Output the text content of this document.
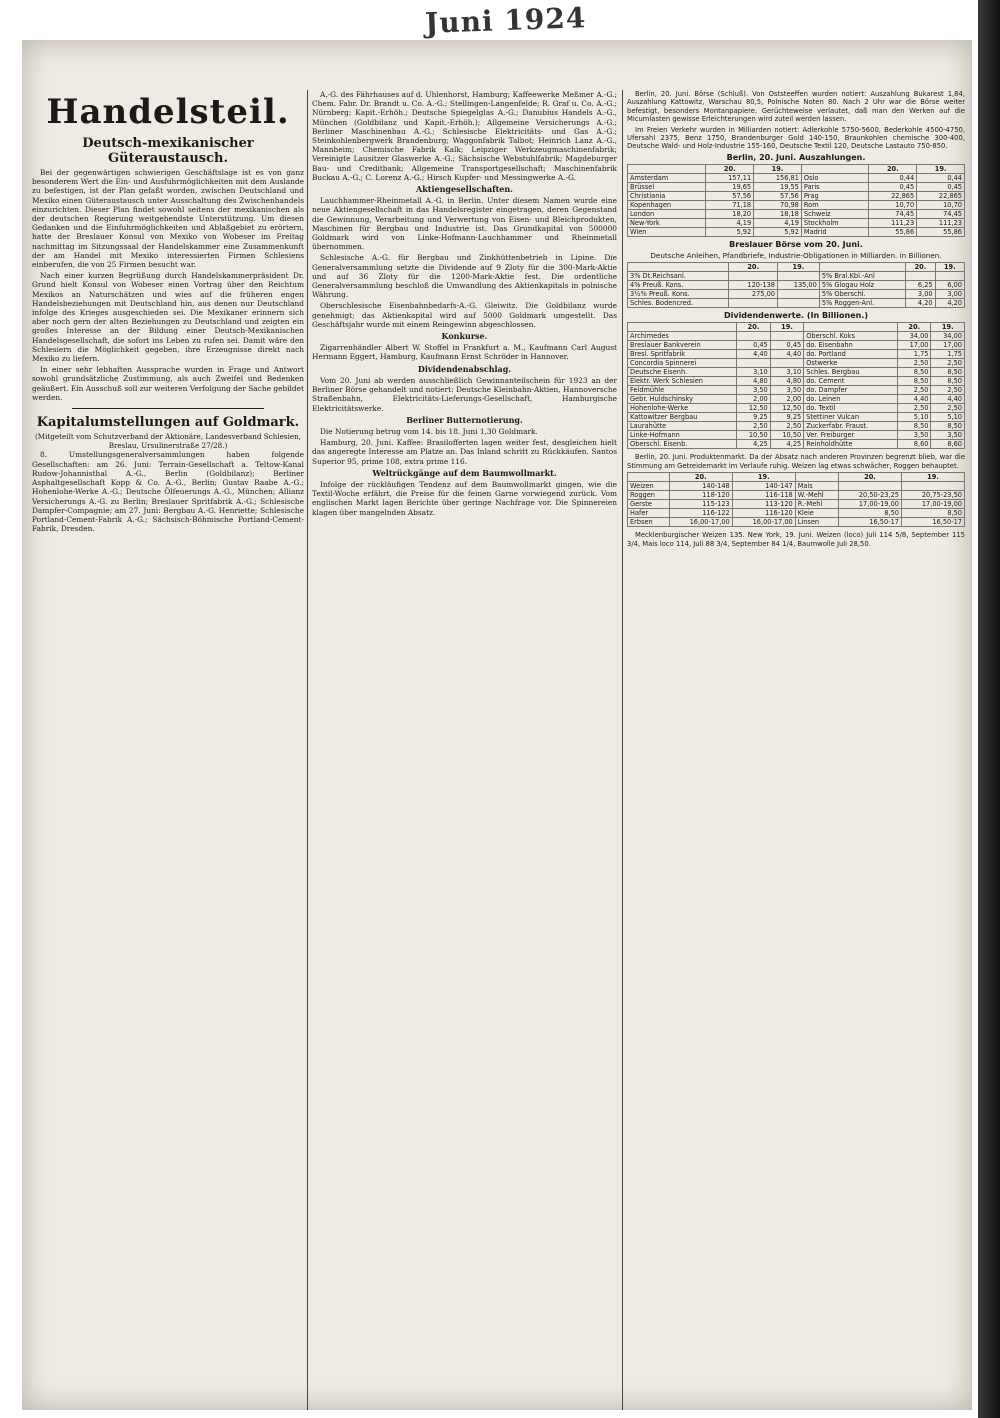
Handelsteil.
Deutsch-mexikanischer Güteraustausch.

Bei der gegenwärtigen schwierigen Geschäftslage ist es von ganz besonderem Wert die Ein- und Ausfuhrmöglichkeiten mit dem Auslande zu befestigen, ist der Plan gefaßt worden, zwischen Deutschland und Mexiko einen Güteraustausch unter Ausschaltung des Zwischenhandels einzurichten. Dieser Plan findet sowohl seitens der mexikanischen als der deutschen Regierung weitgehendste Unterstützung. Um diesen Gedanken und die Einfuhrmöglichkeiten und Ablaßgebiet zu erörtern, hatte der Breslauer Konsul von Mexiko von Wobeser im Freitag nachmittag im Sitzungssaal der Handelskammer eine Zusammenkunft der am Handel mit Mexiko interessierten Firmen Schlesiens einberufen, die von 25 Firmen besucht war.

Nach einer kurzen Begrüßung durch Handelskammerpräsident Dr. Grund hielt Konsul von Wobeser einen Vortrag über den Reichtum Mexikos an Naturschätzen und wies auf die früheren engen Handelsbeziehungen mit Deutschland hin, aus denen nur Deutschland infolge des Krieges ausgeschieden sei. Die Mexikaner erinnern sich aber noch gern der alten Beziehungen zu Deutschland und zeigten ein großes Interesse an der Bildung einer Deutsch-Mexikanischen Handelsgesellschaft, die sofort ins Leben zu rufen sei. Damit wäre den Schlesiern die Möglichkeit gegeben, ihre Erzeugnisse direkt nach Mexiko zu liefern.

In einer sehr lebhaften Aussprache wurden in Frage und Antwort sowohl grundsätzliche Zustimmung, als auch Zweifel und Bedenken geäußert. Ein Ausschuß soll zur weiteren Verfolgung der Sache gebildet werden.

Kapitalumstellungen auf Goldmark.
(Mitgeteilt vom Schutzverband der Aktionäre, Landesverband Schlesien, Breslau, Ursulinerstraße 27/28.)

8. Umstellungsgeneralversammlungen haben folgende Gesellschaften: am 26. Juni: Terrain-Gesellschaft a. Teltow-Kanal Rudow-Johannisthal A.-G., Berlin (Goldbilanz); Berliner Asphaltgesellschaft Kopp & Co. A.-G., Berlin; Gustav Raabe A.-G.; Hohenlohe-Werke A.-G.; Deutsche Ölfeuerungs A.-G., München; Allianz Versicherungs A.-G. zu Berlin; Breslauer Spritfabrik A.-G.; Schlesische Dampfer-Compagnie; am 27. Juni: Bergbau A.-G. Henriette; Schlesische Portland-Cement-Fabrik A.-G.; Sächsisch-Böhmische Portland-Cement-Fabrik, Dresden.

A.-G. des Fährhauses auf d. Uhlenhorst, Hamburg; Kaffeewerke Meßmer A.-G.; Chem. Fabr. Dr. Brandt u. Co. A.-G.; Stellingen-Langenfelde; R. Graf u. Co. A.-G.; Nürnberg; Kapit.-Erhöh.; Deutsche Spiegelglas A.-G.; Danubius Handels A.-G., München (Goldbilanz und Kapit.-Erhöh.); Allgemeine Versicherungs A.-G.; Berliner Maschinenbau A.-G.; Schlesische Elektricitäts- und Gas A.-G.; Steinkohlenbergwerk Brandenburg; Waggonfabrik Talbot; Heinrich Lanz A.-G., Mannheim; Chemische Fabrik Kalk; Leipziger Werkzeugmaschinenfabrik; Vereinigte Lausitzer Glaswerke A.-G.; Sächsische Webstuhlfabrik; Magdeburger Bau- und Creditbank; Allgemeine Transportgesellschaft; Maschinenfabrik Buckau A.-G.; C. Lorenz A.-G.; Hirsch Kupfer- und Messingwerke A.-G.

Aktiengesellschaften.

Lauchhammer-Rheinmetall A.-G. in Berlin. Unter diesem Namen wurde eine neue Aktiengesellschaft in das Handelsregister eingetragen, deren Gegenstand die Gewinnung, Verarbeitung und Verwertung von Eisen- und Bleichprodukten, Maschinen für Bergbau und Industrie ist. Das Grundkapital von 500000 Goldmark wird von Linke-Hofmann-Lauchhammer und Rheinmetall übernommen.

Schlesische A.-G. für Bergbau und Zinkhüttenbetrieb in Lipine. Die Generalversammlung setzte die Dividende auf 9 Zloty für die 300-Mark-Aktie und auf 36 Zloty für die 1200-Mark-Aktie fest. Die ordentliche Generalversammlung beschloß die Umwandlung des Aktienkapitals in polnische Währung.

Oberschlesische Eisenbahnbedarfs-A.-G. Gleiwitz. Die Goldbilanz wurde genehmigt; das Aktienkapital wird auf 5000 Goldmark umgestellt. Das Geschäftsjahr wurde mit einem Reingewinn abgeschlossen.

Konkurse.

Zigarrenhändler Albert W. Stoffel in Frankfurt a. M., Kaufmann Carl August Hermann Eggert, Hamburg, Kaufmann Ernst Schröder in Hannover.

Dividendenabschlag.

Vom 20. Juni ab werden ausschließlich Gewinnanteilschein für 1923 an der Berliner Börse gehandelt und notiert: Deutsche Kleinbahn-Aktien, Hannoversche Straßenbahn, Elektricitäts-Lieferungs-Gesellschaft, Hamburgische Elektricitätswerke.

Berliner Butternotierung.

Die Notierung betrug vom 14. bis 18. Juni 1,30 Goldmark.

Hamburg, 20. Juni. Kaffee: Brasilofferten lagen weiter fest, desgleichen hielt das angeregte Interesse am Platze an. Das Inland schritt zu Rückkäufen. Santos Superior 95, prime 108, extra prime 116.

Weltrückgänge auf dem Baumwollmarkt.

Infolge der rückläufigen Tendenz auf dem Baumwollmarkt gingen, wie die Textil-Woche erfährt, die Preise für die feinen Garne vorwiegend zurück. Vom englischen Markt lagen Berichte über geringe Nachfrage vor. Die Spinnereien klagen über mangelnden Absatz.

Berlin, 20. Juni. Börse (Schluß). Von Oststeeffen wurden notiert: Auszahlung Bukarest 1,84, Auszahlung Kattowitz, Warschau 80,5, Polnische Noten 80. Nach 2 Uhr war die Börse weiter befestigt, besonders Montanpapiere. Gerüchteweise verlautet, daß man den Werken auf die Micumlasten gewisse Erleichterungen wird zuteil werden lassen.

Im Freien Verkehr wurden in Milliarden notiert: Adlerkohle 5750-5600, Bederkohle 4500-4750, Ufersahl 2375, Benz 1750, Brandenburger Gold 140-150, Braunkohlen chemische 300-400, Deutsche Wald- und Holz-Industrie 155-160, Deutsche Textil 120, Deutsche Lastauto 750-850.

Berlin, 20. Juni. Auszahlungen.
	20.	19.		20.	19.
Amsterdam	157,11	156,81	Oslo	0,44	0,44
Brüssel	19,65	19,55	Paris	0,45	0,45
Christiania	57,56	57,56	Prag	22,865	22,865
Kopenhagen	71,18	70,98	Rom	10,70	10,70
London	18,20	18,18	Schweiz	74,45	74,45
New-York	4,19	4,19	Stockholm	111,23	111,23
Wien	5,92	5,92	Madrid	55,86	55,86
Breslauer Börse vom 20. Juni.
Deutsche Anleihen, Pfandbriefe, Industrie-Obligationen in Milliarden. in Billionen.
	20.	19.		20.	19.
3% Dt.Reichsanl.			5% Bral.Kbl.-Anl		
4% Preuß. Kons.	120-138	135,00	5% Glogau Holz	6,25	6,00
3½% Preuß. Kons.	275,00		5% Oberschl.	3,00	3,00
Schles. Bodencred.			5% Roggen-Anl.	4,20	4,20
Dividendenwerte. (In Billionen.)
	20.	19.		20.	19.
Archimedes			Oberschl. Koks	34,00	34,00
Breslauer Bankverein	0,45	0,45	do. Eisenbahn	17,00	17,00
Bresl. Spritfabrik	4,40	4,40	do. Portland	1,75	1,75
Concordia Spinnerei			Ostwerke	2,50	2,50
Deutsche Eisenh.	3,10	3,10	Schles. Bergbau	8,50	8,50
Elektr. Werk Schlesien	4,80	4,80	do. Cement	8,50	8,50
Feldmühle	3,50	3,50	do. Dampfer	2,50	2,50
Gebr. Huldschinsky	2,00	2,00	do. Leinen	4,40	4,40
Hohenlohe-Werke	12,50	12,50	do. Textil	2,50	2,50
Kattowitzer Bergbau	9,25	9,25	Stettiner Vulcan	5,10	5,10
Laurahütte	2,50	2,50	Zuckerfabr. Fraust.	8,50	8,50
Linke-Hofmann	10,50	10,50	Ver. Freiburger	3,50	3,50
Oberschl. Eisenb.	4,25	4,25	Reinholdhütte	8,60	8,60

Berlin, 20. Juni. Produktenmarkt. Da der Absatz nach anderen Provinzen begrenzt blieb, war die Stimmung am Getreidemarkt im Verlaufe ruhig. Weizen lag etwas schwächer, Roggen behauptet.

	20.	19.		20.	19.
Weizen	140-148	140-147	Mais		
Roggen	118-120	116-118	W.-Mehl	20,50-23,25	20,75-23,50
Gerste	115-123	113-120	R.-Mehl	17,00-19,00	17,00-19,00
Hafer	116-122	116-120	Kleie	8,50	8,50
Erbsen	16,00-17,00	16,00-17,00	Linsen	16,50-17	16,50-17

Mecklenburgischer Weizen 135. New York, 19. Juni. Weizen (loco) Juli 114 5/8, September 115 3/4, Mais loco 114, Juli 88 3/4, September 84 1/4, Baumwolle Juli 28,50.

Juni 1924
